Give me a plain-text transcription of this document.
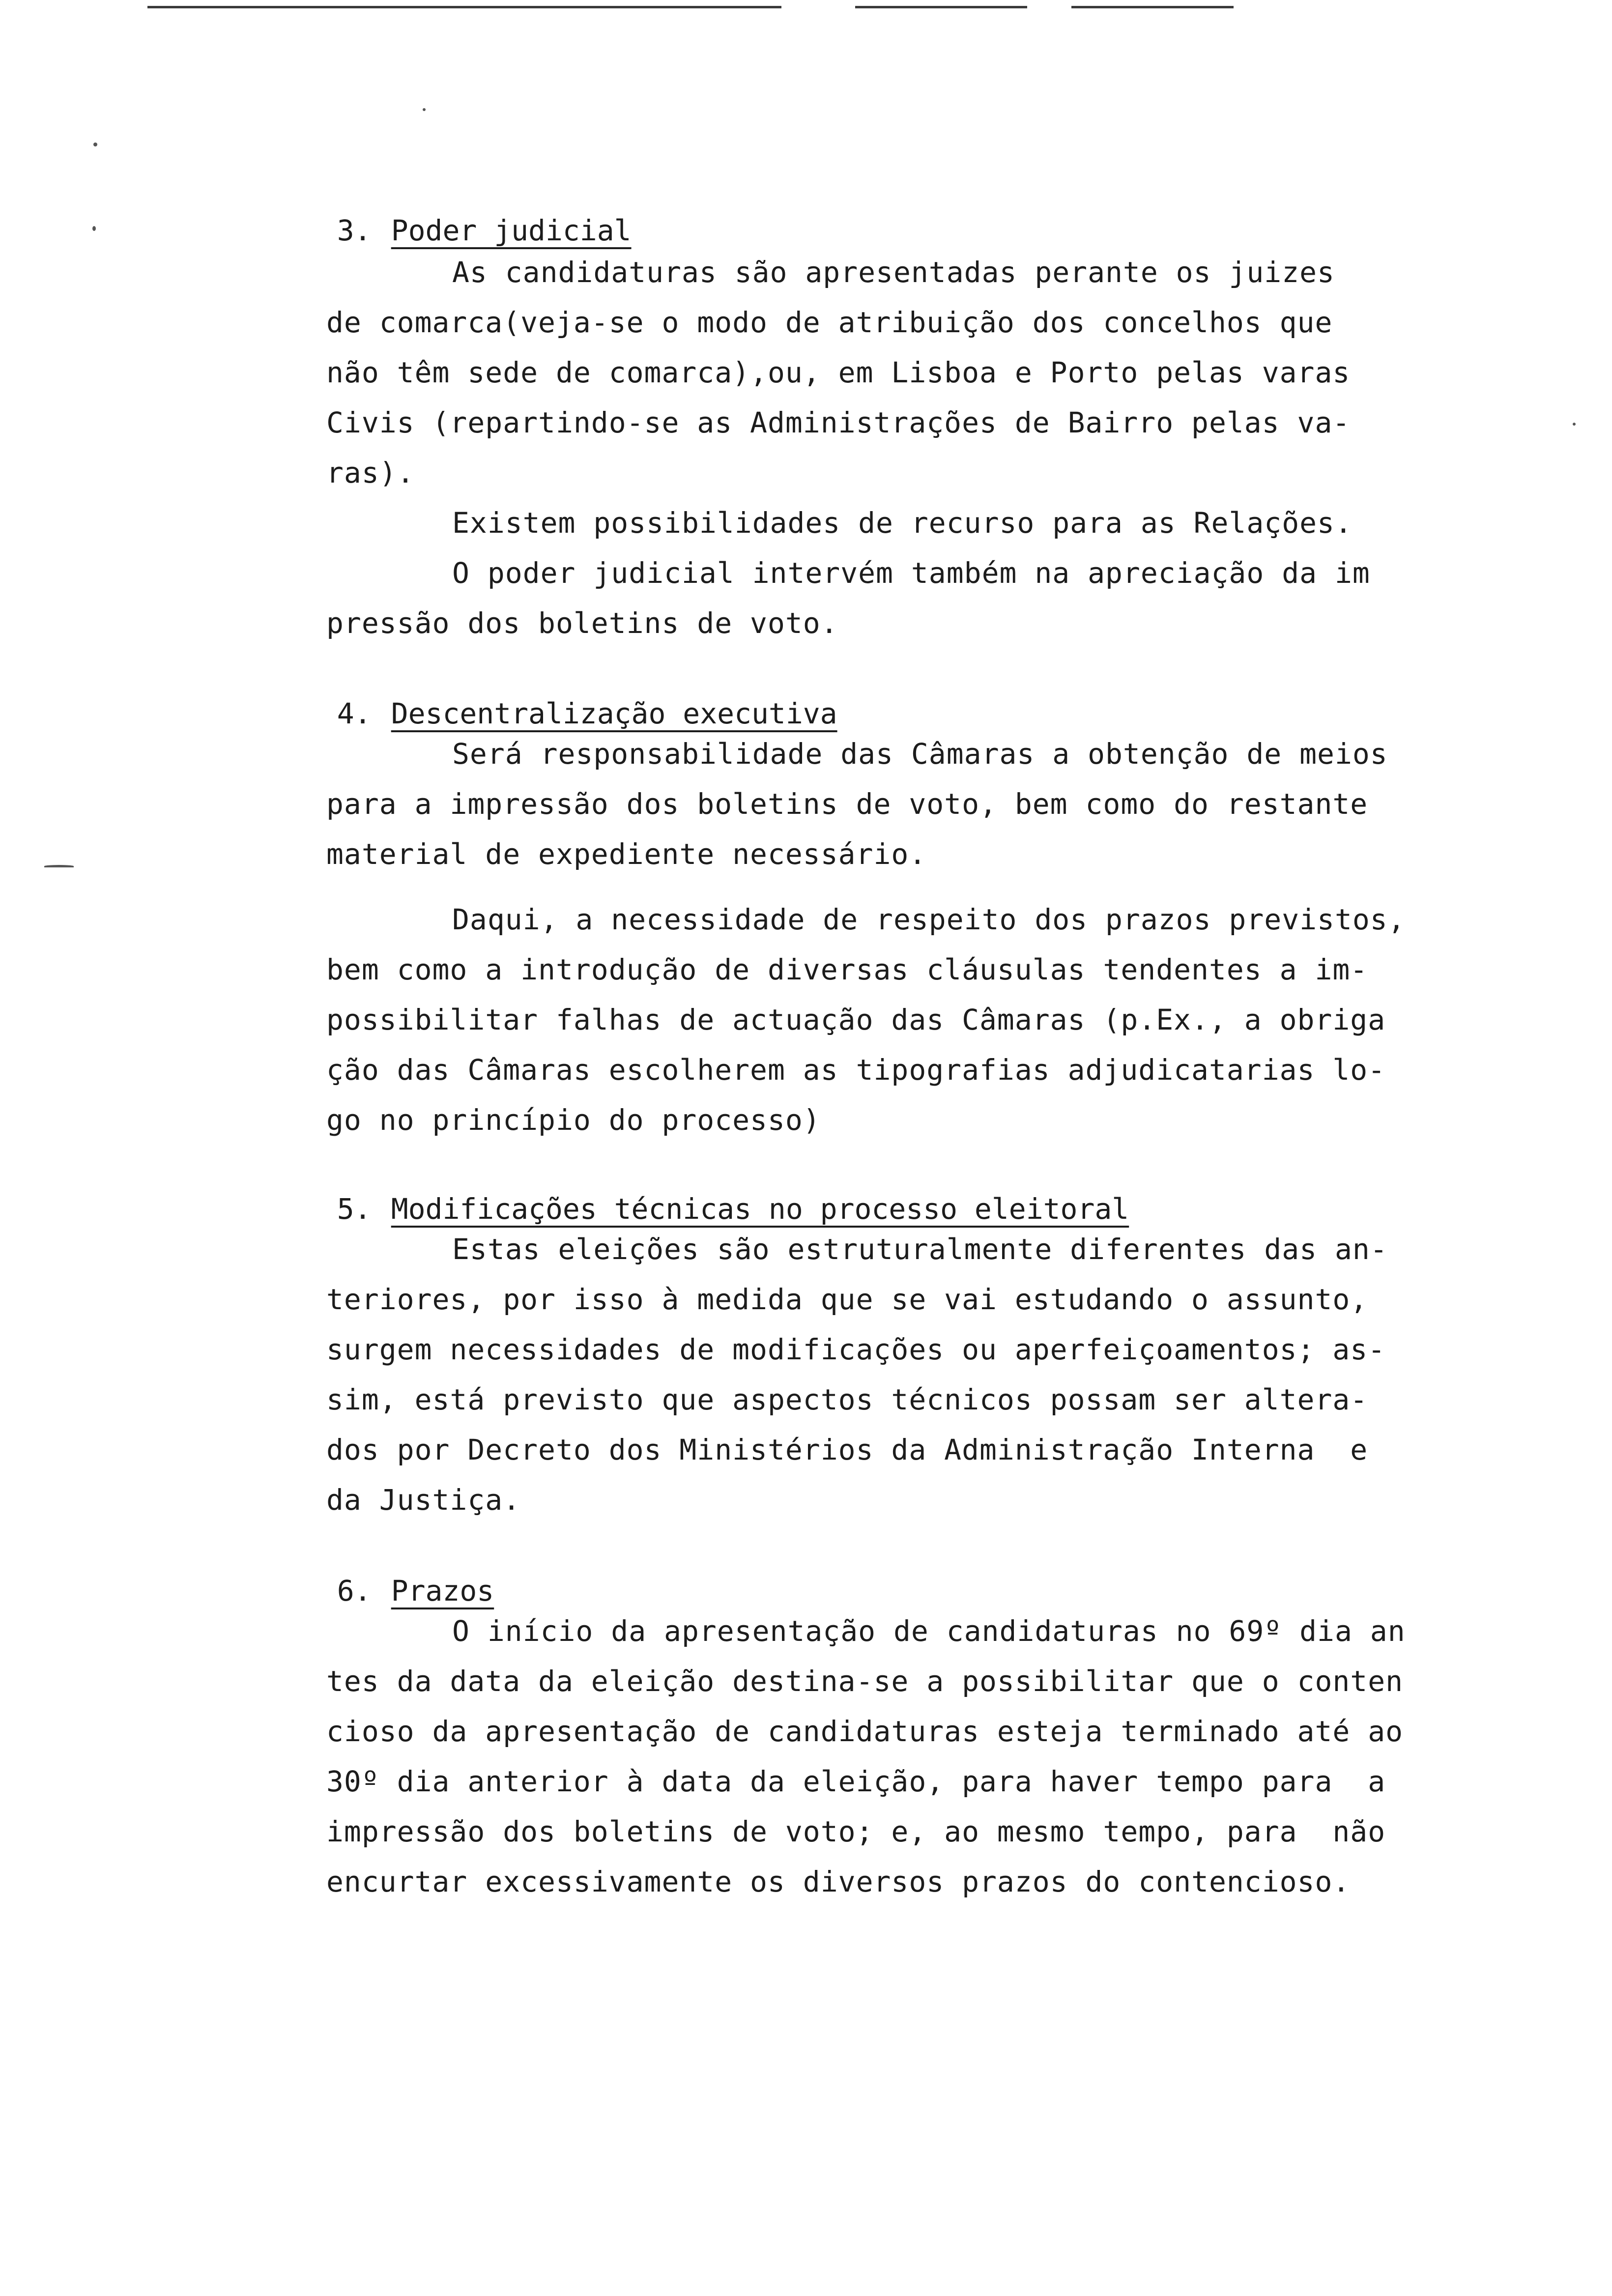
3. Poder judicial

As candidaturas são apresentadas perante os juizes
de comarca(veja-se o modo de atribuição dos concelhos que
não têm sede de comarca),ou, em Lisboa e Porto pelas varas
Civis (repartindo-se as Administrações de Bairro pelas va-
ras).
Existem possibilidades de recurso para as Relações.
O poder judicial intervém também na apreciação da im
pressão dos boletins de voto.

4. Descentralização executiva

Será responsabilidade das Câmaras a obtenção de meios
para a impressão dos boletins de voto, bem como do restante
material de expediente necessário.
Daqui, a necessidade de respeito dos prazos previstos,
bem como a introdução de diversas cláusulas tendentes a im-
possibilitar falhas de actuação das Câmaras (p.Ex., a obriga
ção das Câmaras escolherem as tipografias adjudicatarias lo-
go no princípio do processo)

5. Modificações técnicas no processo eleitoral

Estas eleições são estruturalmente diferentes das an-
teriores, por isso à medida que se vai estudando o assunto,
surgem necessidades de modificações ou aperfeiçoamentos; as-
sim, está previsto que aspectos técnicos possam ser altera-
dos por Decreto dos Ministérios da Administração Interna  e
da Justiça.

6. Prazos

O início da apresentação de candidaturas no 69º dia an
tes da data da eleição destina-se a possibilitar que o conten
cioso da apresentação de candidaturas esteja terminado até ao
30º dia anterior à data da eleição, para haver tempo para  a
impressão dos boletins de voto; e, ao mesmo tempo, para  não
encurtar excessivamente os diversos prazos do contencioso.
